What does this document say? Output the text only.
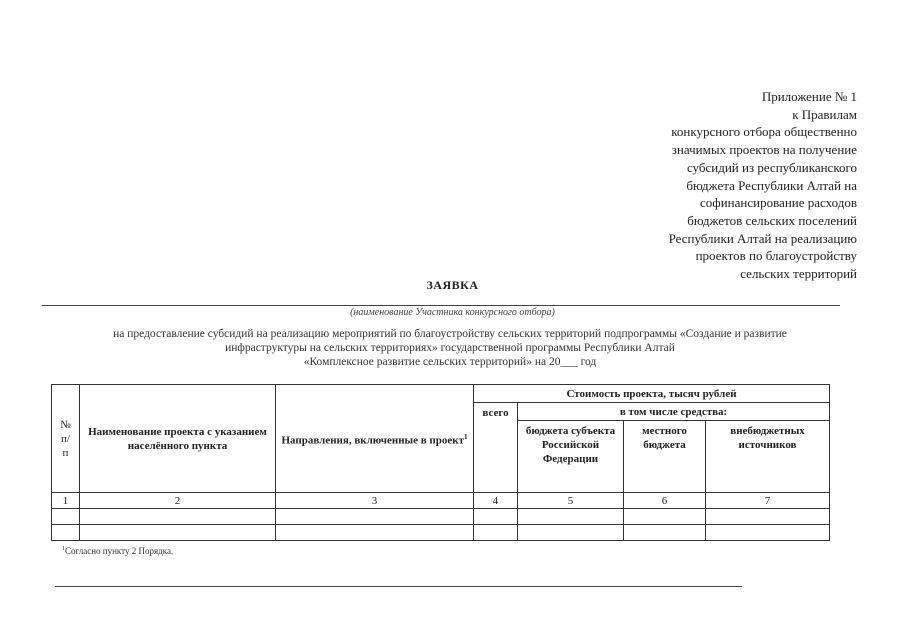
Приложение № 1
к Правилам
конкурсного отбора общественно
значимых проектов на получение
субсидий из республиканского
бюджета Республики Алтай на
софинансирование расходов
бюджетов сельских поселений
Республики Алтай на реализацию
проектов по благоустройству
сельских территорий
ЗАЯВКА
(наименование Участника конкурсного отбора)
на предоставление субсидий на реализацию мероприятий по благоустройству сельских территорий подпрограммы «Создание и развитие
инфраструктуры на сельских территориях» государственной программы Республики Алтай
«Комплексное развитие сельских территорий» на 20___ год
№
п/
п	Наименование проекта с указанием населённого пункта	Направления, включенные в проект$^1$	Стоимость проекта, тысяч рублей			
			всего	в том числе средства:		
				бюджета субъекта Российской Федерации	местного бюджета	внебюджетных источников
1	2	3	4	5	6	7

$^1$Согласно пункту 2 Порядка.
